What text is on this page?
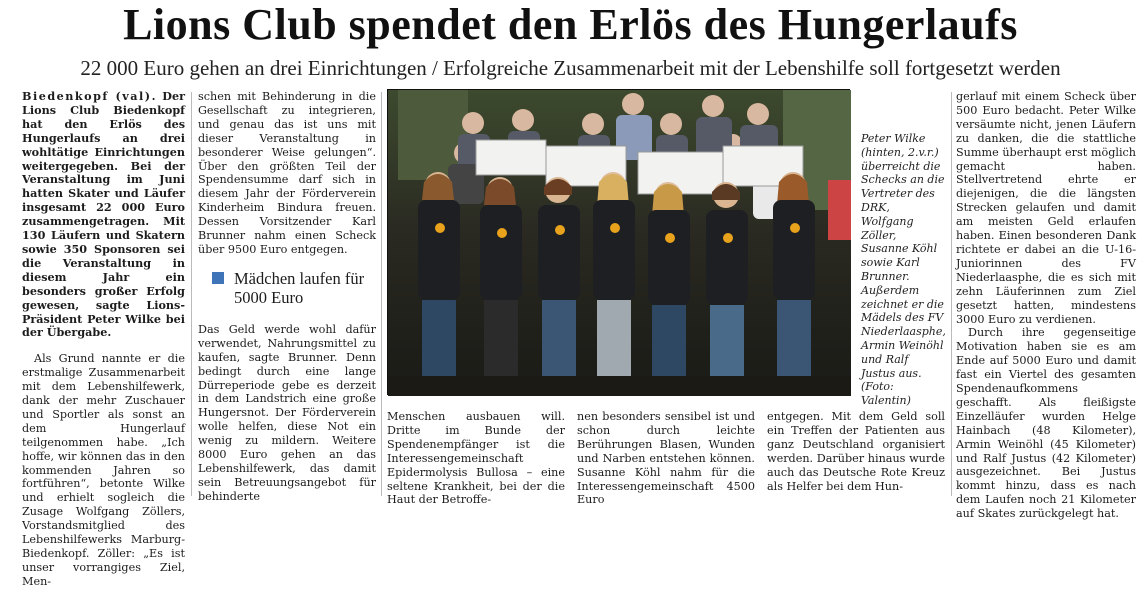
Lions Club spendet den Erlös des Hungerlaufs
22 000 Euro gehen an drei Einrichtungen / Erfolgreiche Zusammenarbeit mit der Lebenshilfe soll fortgesetzt werden

Biedenkopf (val). Der Lions Club Biedenkopf hat den Erlös des Hungerlaufs an drei wohltätige Einrichtungen weitergegeben. Bei der Veranstaltung im Juni hatten Skater und Läufer insgesamt 22 000 Euro zusammengetragen. Mit 130 Läufern und Skatern sowie 350 Sponsoren sei die Veranstaltung in diesem Jahr ein besonders großer Erfolg gewesen, sagte Lions-Präsident Peter Wilke bei der Übergabe.

Als Grund nannte er die erstmalige Zusammenarbeit mit dem Lebenshilfewerk, dank der mehr Zuschauer und Sportler als sonst an dem Hungerlauf teilgenommen habe. „Ich hoffe, wir können das in den kommenden Jahren so fortführen“, betonte Wilke und erhielt sogleich die Zusage Wolfgang Zöllers, Vorstandsmitglied des Lebenshilfewerks Marburg-Biedenkopf. Zöller: „Es ist unser vorrangiges Ziel, Men-

schen mit Behinderung in die Gesellschaft zu integrieren, und genau das ist uns mit dieser Veranstaltung in besonderer Weise gelungen“. Über den größten Teil der Spendensumme darf sich in diesem Jahr der Förderverein Kinderheim Bindura freuen. Dessen Vorsitzender Karl Brunner nahm einen Scheck über 9500 Euro entgegen.

Mädchen laufen für 5000 Euro

Das Geld werde wohl dafür verwendet, Nahrungsmittel zu kaufen, sagte Brunner. Denn bedingt durch eine lange Dürreperiode gebe es derzeit in dem Landstrich eine große Hungersnot. Der Förderverein wolle helfen, diese Not ein wenig zu mildern. Weitere 8000 Euro gehen an das Lebenshilfewerk, das damit sein Betreuungsangebot für behinderte

Peter Wilke (hinten, 2.v.r.) überreicht die Schecks an die Vertreter des DRK, Wolfgang Zöller, Susanne Köhl sowie Karl Brunner. Außerdem zeichnet er die Mädels des FV Niederlaasphe, Armin Weinöhl und Ralf Justus aus. (Foto: Valentin)

Menschen ausbauen will. Dritte im Bunde der Spendenempfänger ist die Interessengemeinschaft Epidermolysis Bullosa – eine seltene Krankheit, bei der die Haut der Betroffe-

nen besonders sensibel ist und schon durch leichte Berührungen Blasen, Wunden und Narben entstehen können. Susanne Köhl nahm für die Interessengemeinschaft 4500 Euro

entgegen. Mit dem Geld soll ein Treffen der Patienten aus ganz Deutschland organisiert werden. Darüber hinaus wurde auch das Deutsche Rote Kreuz als Helfer bei dem Hun-

gerlauf mit einem Scheck über 500 Euro bedacht. Peter Wilke versäumte nicht, jenen Läufern zu danken, die die stattliche Summe überhaupt erst möglich gemacht haben. Stellvertretend ehrte er diejenigen, die die längsten Strecken gelaufen und damit am meisten Geld erlaufen haben. Einen besonderen Dank richtete er dabei an die U-16-Juniorinnen des FV Niederlaasphe, die es sich mit zehn Läuferinnen zum Ziel gesetzt hatten, mindestens 3000 Euro zu verdienen.

Durch ihre gegenseitige Motivation haben sie es am Ende auf 5000 Euro und damit fast ein Viertel des gesamten Spendenaufkommens geschafft. Als fleißigste Einzelläufer wurden Helge Hainbach (48 Kilometer), Armin Weinöhl (45 Kilometer) und Ralf Justus (42 Kilometer) ausgezeichnet. Bei Justus kommt hinzu, dass es nach dem Laufen noch 21 Kilometer auf Skates zurückgelegt hat.
